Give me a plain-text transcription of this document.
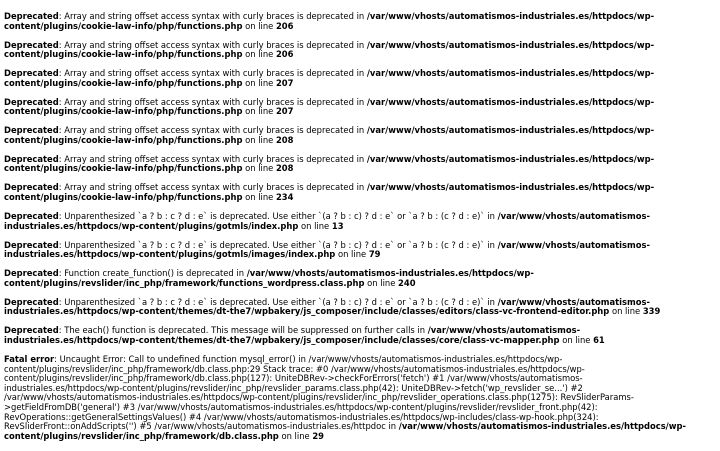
Deprecated: Array and string offset access syntax with curly braces is deprecated in /var/www/vhosts/automatismos-industriales.es/httpdocs/wp-content/plugins/cookie-law-info/php/functions.php on line 206
Deprecated: Array and string offset access syntax with curly braces is deprecated in /var/www/vhosts/automatismos-industriales.es/httpdocs/wp-content/plugins/cookie-law-info/php/functions.php on line 206
Deprecated: Array and string offset access syntax with curly braces is deprecated in /var/www/vhosts/automatismos-industriales.es/httpdocs/wp-content/plugins/cookie-law-info/php/functions.php on line 207
Deprecated: Array and string offset access syntax with curly braces is deprecated in /var/www/vhosts/automatismos-industriales.es/httpdocs/wp-content/plugins/cookie-law-info/php/functions.php on line 207
Deprecated: Array and string offset access syntax with curly braces is deprecated in /var/www/vhosts/automatismos-industriales.es/httpdocs/wp-content/plugins/cookie-law-info/php/functions.php on line 208
Deprecated: Array and string offset access syntax with curly braces is deprecated in /var/www/vhosts/automatismos-industriales.es/httpdocs/wp-content/plugins/cookie-law-info/php/functions.php on line 208
Deprecated: Array and string offset access syntax with curly braces is deprecated in /var/www/vhosts/automatismos-industriales.es/httpdocs/wp-content/plugins/cookie-law-info/php/functions.php on line 234
Deprecated: Unparenthesized `a ? b : c ? d : e` is deprecated. Use either `(a ? b : c) ? d : e` or `a ? b : (c ? d : e)` in /var/www/vhosts/automatismos-industriales.es/httpdocs/wp-content/plugins/gotmls/index.php on line 13
Deprecated: Unparenthesized `a ? b : c ? d : e` is deprecated. Use either `(a ? b : c) ? d : e` or `a ? b : (c ? d : e)` in /var/www/vhosts/automatismos-industriales.es/httpdocs/wp-content/plugins/gotmls/images/index.php on line 79
Deprecated: Function create_function() is deprecated in /var/www/vhosts/automatismos-industriales.es/httpdocs/wp-content/plugins/revslider/inc_php/framework/functions_wordpress.class.php on line 240
Deprecated: Unparenthesized `a ? b : c ? d : e` is deprecated. Use either `(a ? b : c) ? d : e` or `a ? b : (c ? d : e)` in /var/www/vhosts/automatismos-industriales.es/httpdocs/wp-content/themes/dt-the7/wpbakery/js_composer/include/classes/editors/class-vc-frontend-editor.php on line 339
Deprecated: The each() function is deprecated. This message will be suppressed on further calls in /var/www/vhosts/automatismos-industriales.es/httpdocs/wp-content/themes/dt-the7/wpbakery/js_composer/include/classes/core/class-vc-mapper.php on line 61
Fatal error: Uncaught Error: Call to undefined function mysql_error() in /var/www/vhosts/automatismos-industriales.es/httpdocs/wp-content/plugins/revslider/inc_php/framework/db.class.php:29 Stack trace: #0 /var/www/vhosts/automatismos-industriales.es/httpdocs/wp-content/plugins/revslider/inc_php/framework/db.class.php(127): UniteDBRev->checkForErrors('fetch') #1 /var/www/vhosts/automatismos-industriales.es/httpdocs/wp-content/plugins/revslider/inc_php/revslider_params.class.php(42): UniteDBRev->fetch('wp_revslider_se...') #2 /var/www/vhosts/automatismos-industriales.es/httpdocs/wp-content/plugins/revslider/inc_php/revslider_operations.class.php(1275): RevSliderParams->getFieldFromDB('general') #3 /var/www/vhosts/automatismos-industriales.es/httpdocs/wp-content/plugins/revslider/revslider_front.php(42): RevOperations::getGeneralSettingsValues() #4 /var/www/vhosts/automatismos-industriales.es/httpdocs/wp-includes/class-wp-hook.php(324): RevSliderFront::onAddScripts('') #5 /var/www/vhosts/automatismos-industriales.es/httpdoc in /var/www/vhosts/automatismos-industriales.es/httpdocs/wp-content/plugins/revslider/inc_php/framework/db.class.php on line 29
